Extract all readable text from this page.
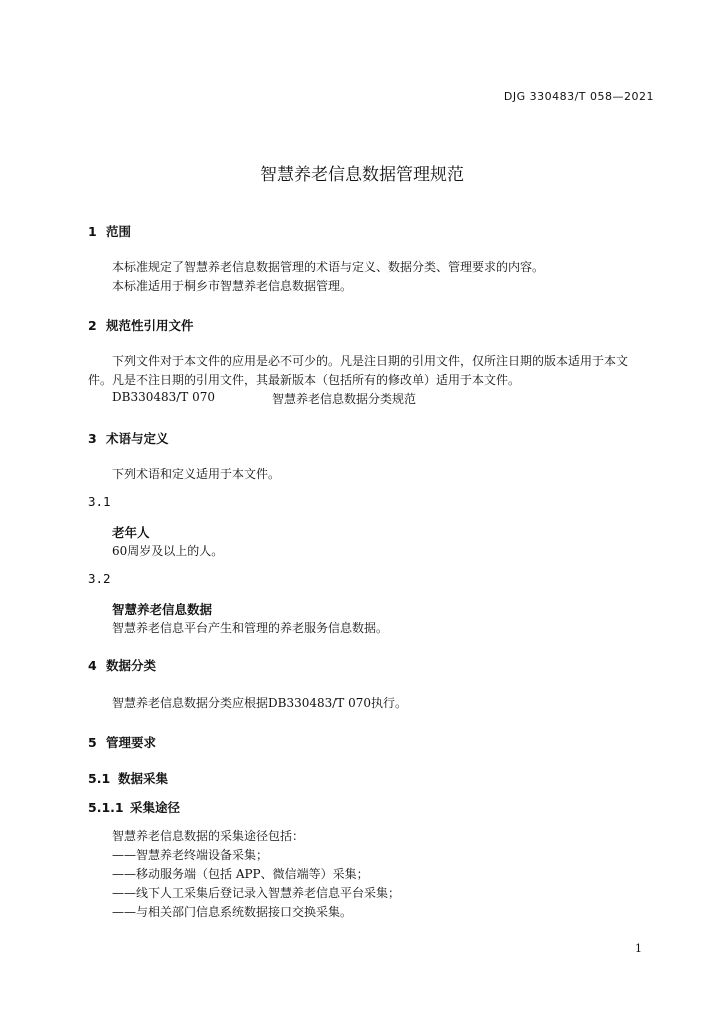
DJG 330483/T 058—2021
智慧养老信息数据管理规范
1 范围
本标准规定了智慧养老信息数据管理的术语与定义、数据分类、管理要求的内容。
本标准适用于桐乡市智慧养老信息数据管理。
2 规范性引用文件
下列文件对于本文件的应用是必不可少的。凡是注日期的引用文件，仅所注日期的版本适用于本文
件。凡是不注日期的引用文件，其最新版本（包括所有的修改单）适用于本文件。
DB330483/T 070	智慧养老信息数据分类规范
3 术语与定义
下列术语和定义适用于本文件。
3.1
老年人
60周岁及以上的人。
3.2
智慧养老信息数据
智慧养老信息平台产生和管理的养老服务信息数据。
4 数据分类
智慧养老信息数据分类应根据DB330483/T 070执行。
5 管理要求
5.1 数据采集
5.1.1 采集途径
智慧养老信息数据的采集途径包括：
——智慧养老终端设备采集；
——移动服务端（包括 APP、微信端等）采集；
——线下人工采集后登记录入智慧养老信息平台采集；
——与相关部门信息系统数据接口交换采集。
1
